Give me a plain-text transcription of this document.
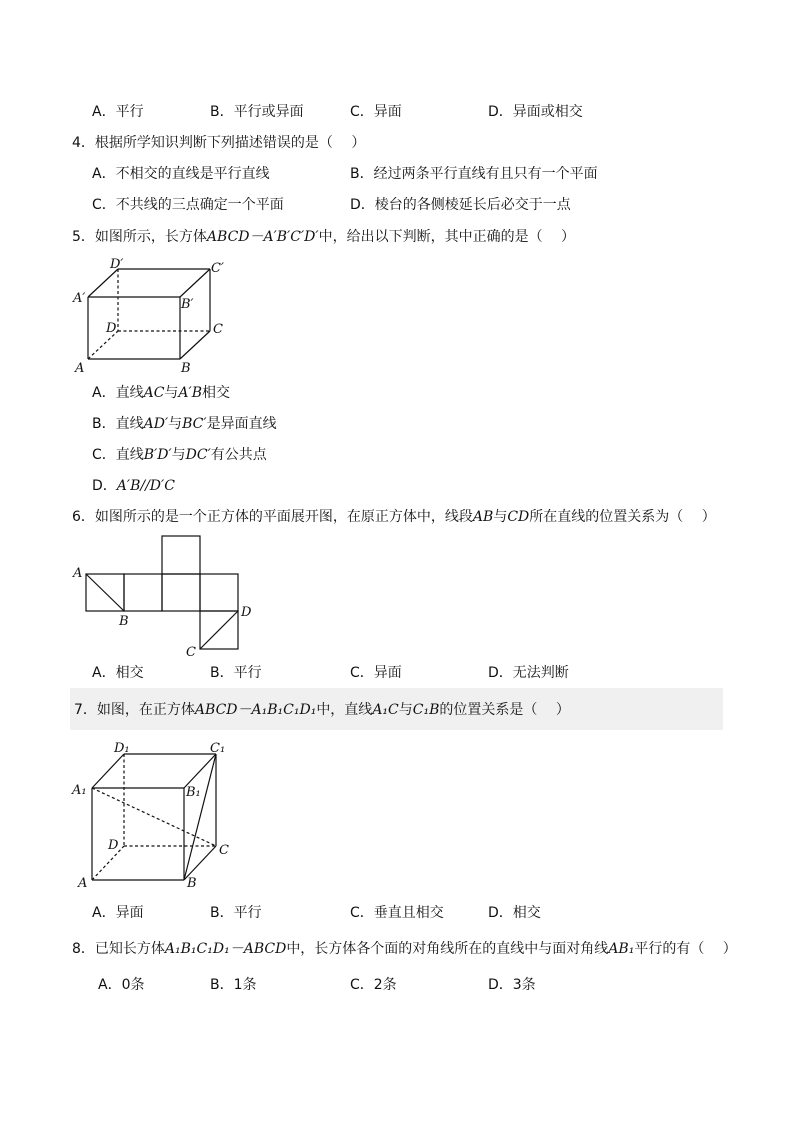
A．平行	B．平行或异面	C．异面	D．异面或相交
4．根据所学知识判断下列描述错误的是（　 ）
A．不相交的直线是平行直线	B．经过两条平行直线有且只有一个平面
C．不共线的三点确定一个平面	D．棱台的各侧棱延长后必交于一点
5．如图所示，长方体ABCD－A′B′C′D′中，给出以下判断，其中正确的是（　 ）
D′	C′
A′	B′
D	C
A	B
A．直线AC与A′B相交
B．直线AD′与BC′是异面直线
C．直线B′D′与DC′有公共点
D．A′B//D′C
6．如图所示的是一个正方体的平面展开图，在原正方体中，线段AB与CD所在直线的位置关系为（　 ）
A
B
C
D
A．相交	B．平行	C．异面	D．无法判断
7．如图，在正方体ABCD－A₁B₁C₁D₁中，直线A₁C与C₁B的位置关系是（　 ）
D₁	C₁
A₁	B₁
D	C
A	B
A．异面	B．平行	C．垂直且相交	D．相交
8．已知长方体A₁B₁C₁D₁－ABCD中，长方体各个面的对角线所在的直线中与面对角线AB₁平行的有（　 ）
A．0条	B．1条	C．2条	D．3条
